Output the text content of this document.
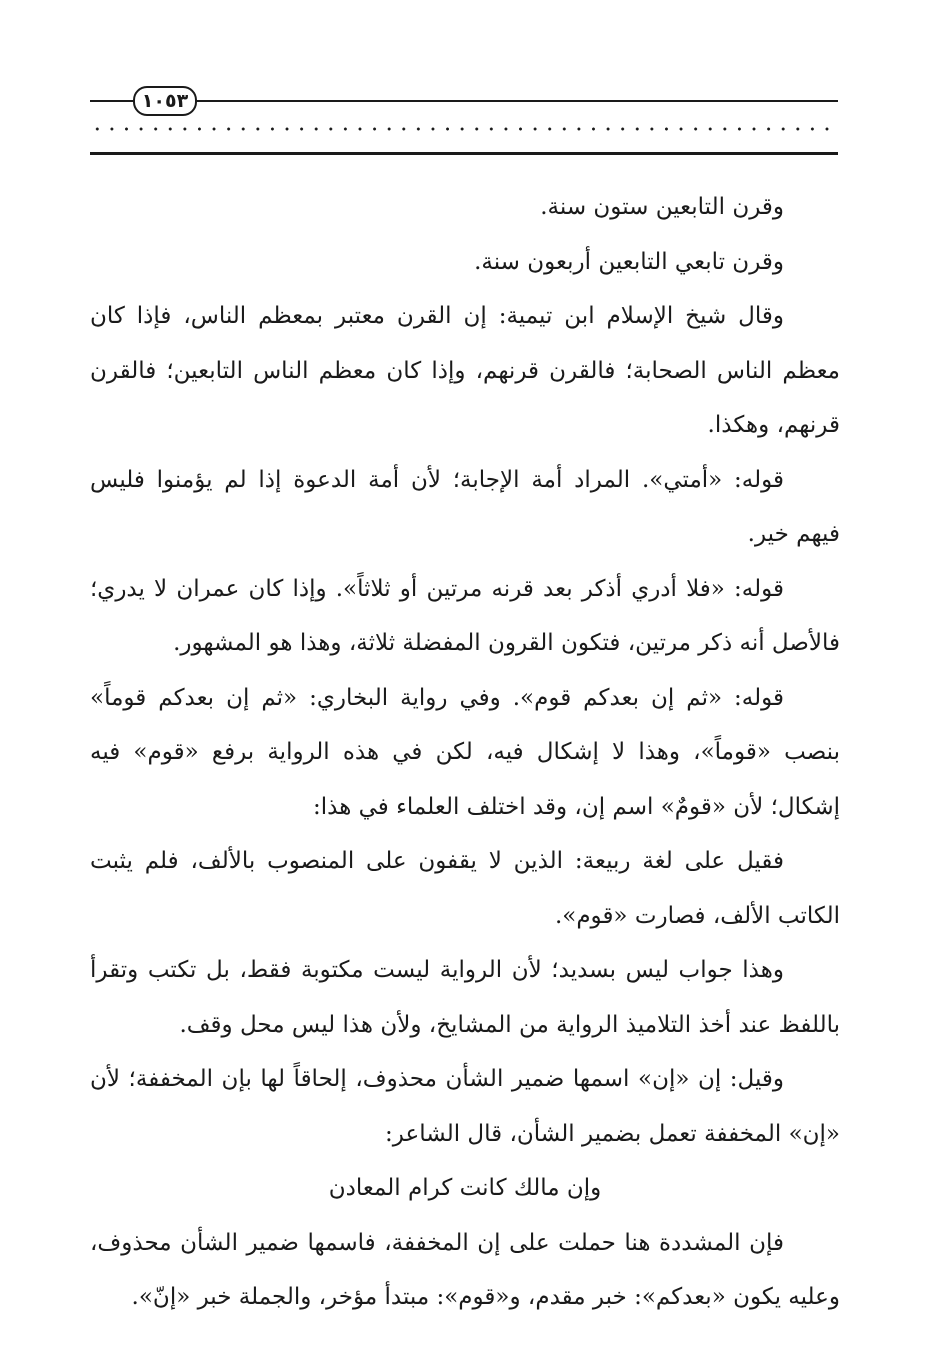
١٠٥٣

وقرن التابعين ستون سنة.

وقرن تابعي التابعين أربعون سنة.

وقال شيخ الإسلام ابن تيمية: إن القرن معتبر بمعظم الناس، فإذا كان معظم الناس الصحابة؛ فالقرن قرنهم، وإذا كان معظم الناس التابعين؛ فالقرن قرنهم، وهكذا.

قوله: «أمتي». المراد أمة الإجابة؛ لأن أمة الدعوة إذا لم يؤمنوا فليس فيهم خير.

قوله: «فلا أدري أذكر بعد قرنه مرتين أو ثلاثاً». وإذا كان عمران لا يدري؛ فالأصل أنه ذكر مرتين، فتكون القرون المفضلة ثلاثة، وهذا هو المشهور.

قوله: «ثم إن بعدكم قوم». وفي رواية البخاري: «ثم إن بعدكم قوماً» بنصب «قوماً»، وهذا لا إشكال فيه، لكن في هذه الرواية برفع «قوم» فيه إشكال؛ لأن «قومٌ» اسم إن، وقد اختلف العلماء في هذا:

فقيل على لغة ربيعة: الذين لا يقفون على المنصوب بالألف، فلم يثبت الكاتب الألف، فصارت «قوم».

وهذا جواب ليس بسديد؛ لأن الرواية ليست مكتوبة فقط، بل تكتب وتقرأ باللفظ عند أخذ التلاميذ الرواية من المشايخ، ولأن هذا ليس محل وقف.

وقيل: إن «إن» اسمها ضمير الشأن محذوف، إلحاقاً لها بإن المخففة؛ لأن «إن» المخففة تعمل بضمير الشأن، قال الشاعر:

وإن مالك كانت كرام المعادن

فإن المشددة هنا حملت على إن المخففة، فاسمها ضمير الشأن محذوف، وعليه يكون «بعدكم»: خبر مقدم، و«قوم»: مبتدأ مؤخر، والجملة خبر «إنّ».
